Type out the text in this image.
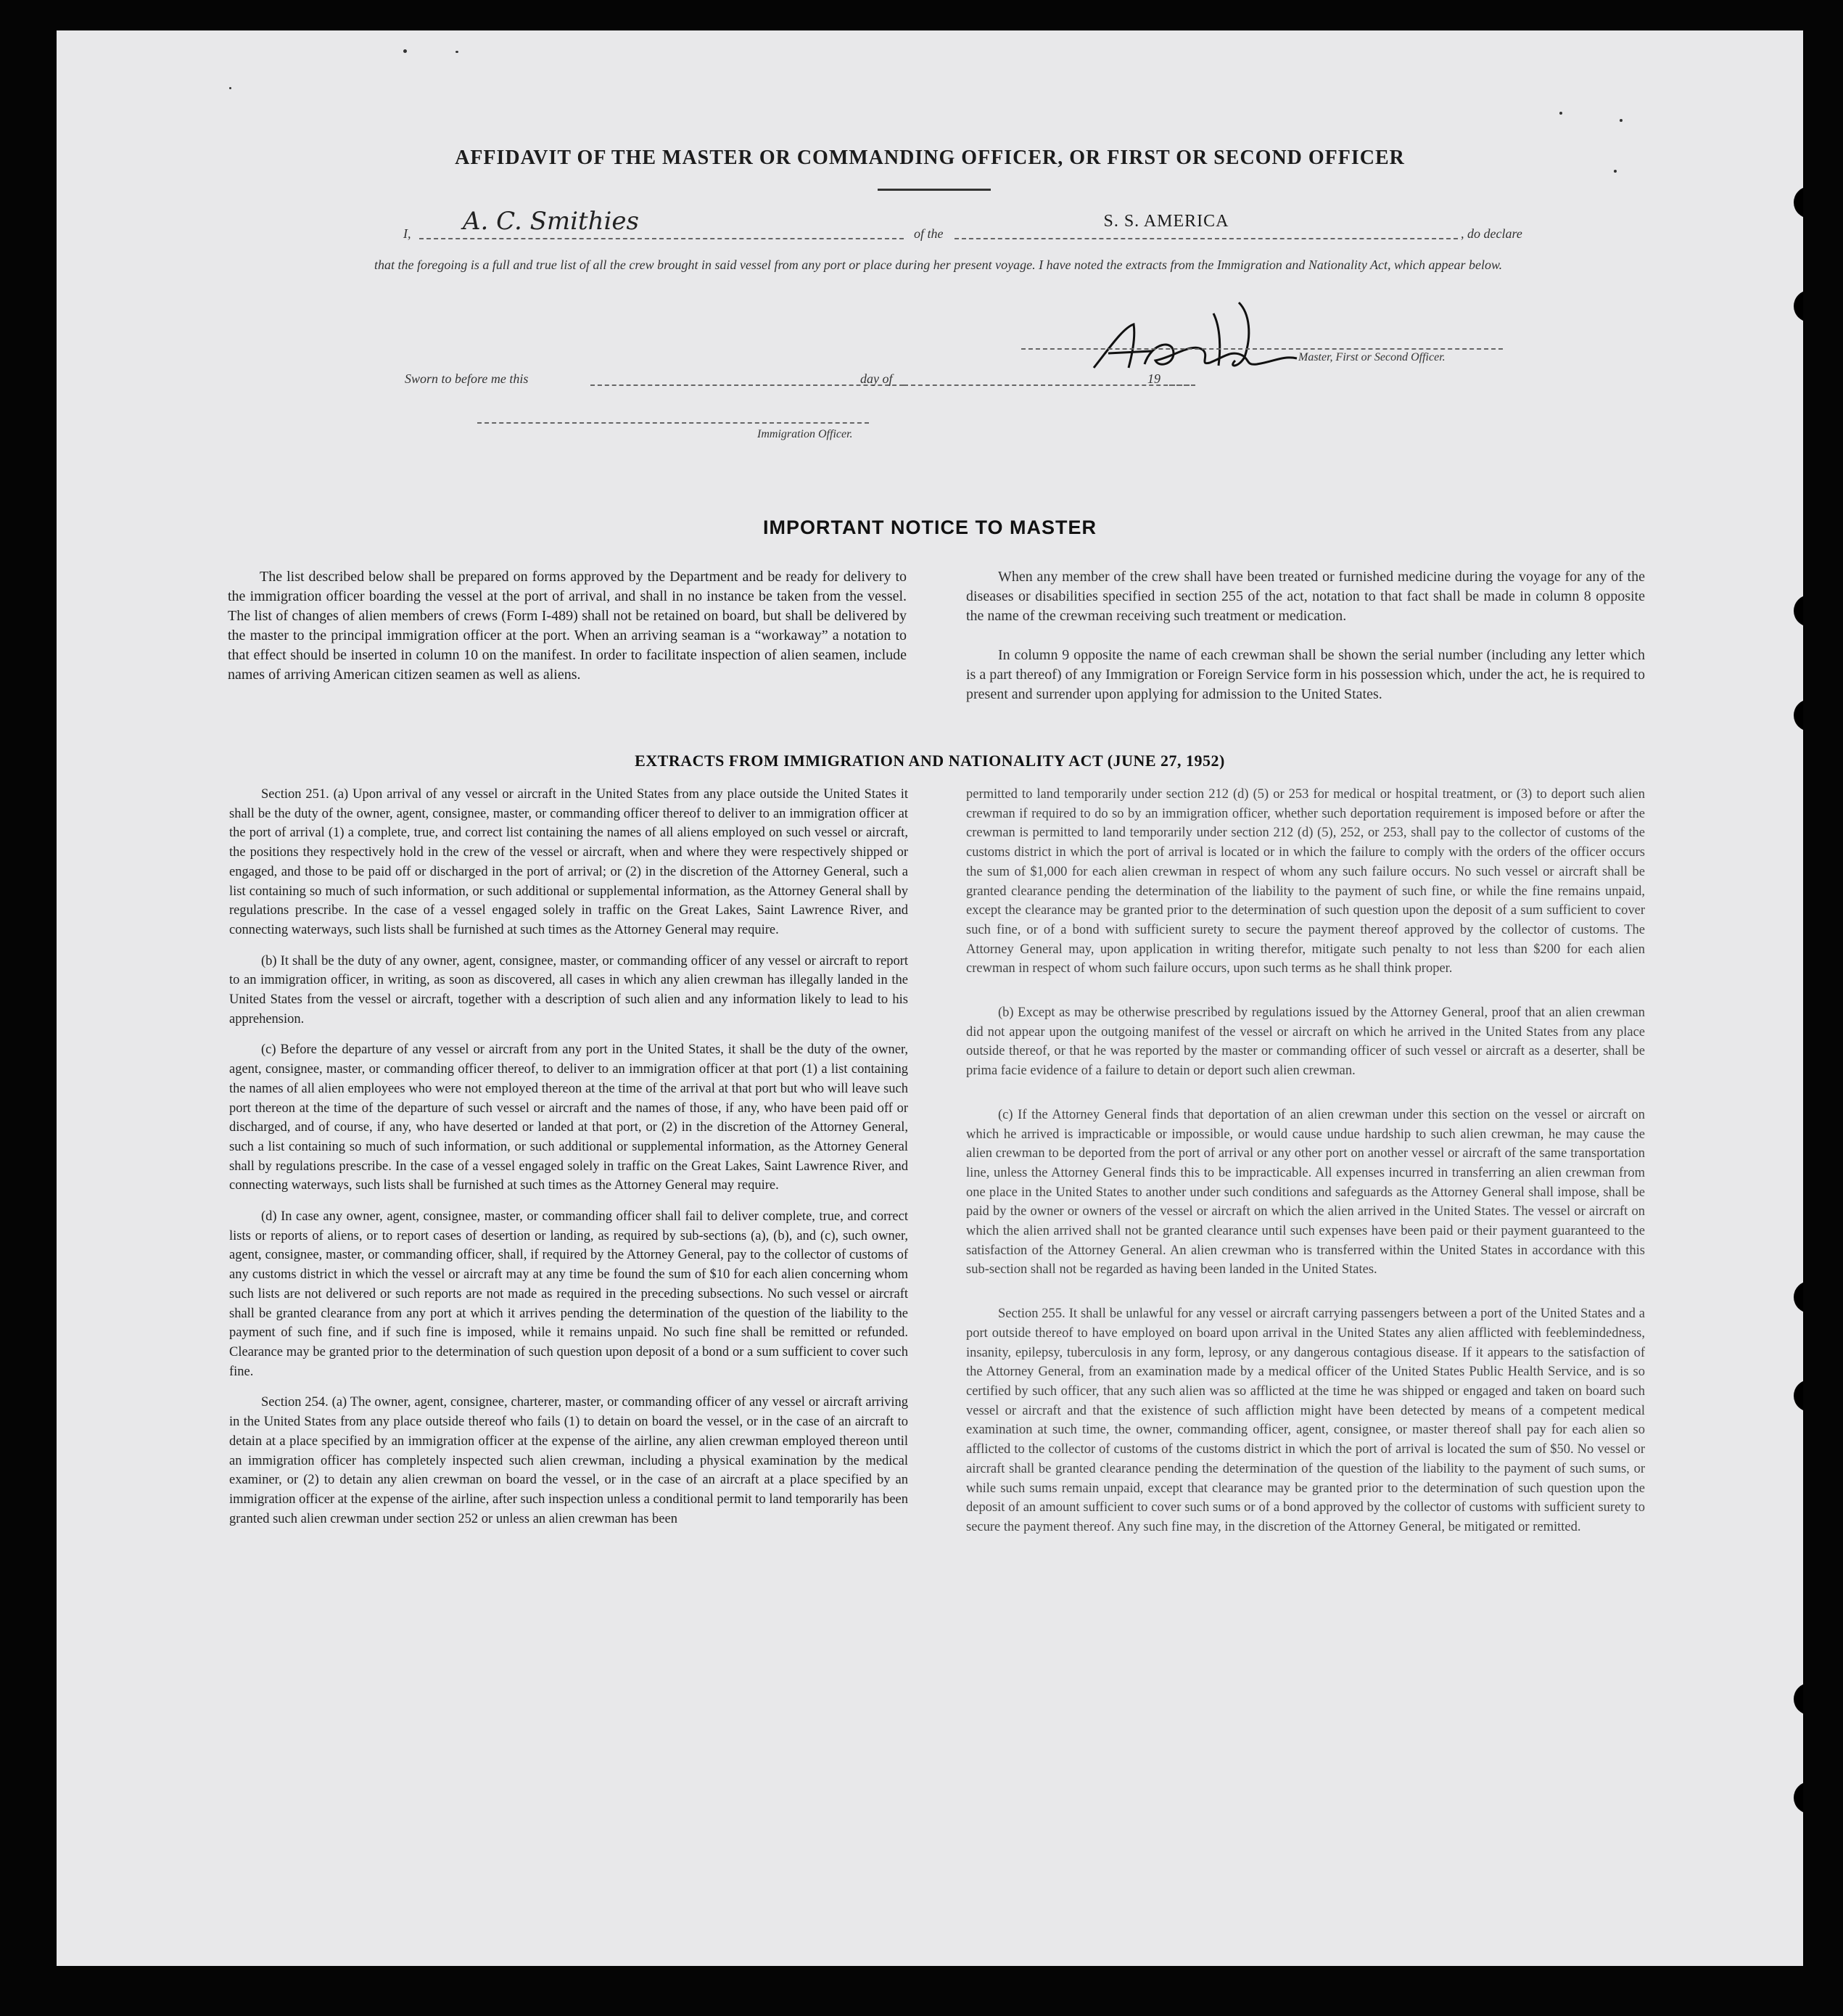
AFFIDAVIT OF THE MASTER OR COMMANDING OFFICER, OR FIRST OR SECOND OFFICER
I, A. C. Smithies	of the
S. S. AMERICA
, do declare
that the foregoing is a full and true list of all the crew brought in said vessel from any port or place during her present voyage. I have noted the extracts from the Immigration and Nationality Act, which appear below.
Master, First or Second Officer.
Sworn to before me this	day of	19
Immigration Officer.
IMPORTANT NOTICE TO MASTER

The list described below shall be prepared on forms approved by the Department and be ready for delivery to the immigration officer boarding the vessel at the port of arrival, and shall in no instance be taken from the vessel. The list of changes of alien members of crews (Form I-489) shall not be retained on board, but shall be delivered by the master to the principal immigration officer at the port. When an arriving seaman is a “workaway” a notation to that effect should be inserted in column 10 on the manifest. In order to facilitate inspection of alien seamen, include names of arriving American citizen seamen as well as aliens.

When any member of the crew shall have been treated or furnished medicine during the voyage for any of the diseases or disabilities specified in section 255 of the act, notation to that fact shall be made in column 8 opposite the name of the crewman receiving such treatment or medication.

In column 9 opposite the name of each crewman shall be shown the serial number (including any letter which is a part thereof) of any Immigration or Foreign Service form in his possession which, under the act, he is required to present and surrender upon applying for admission to the United States.

EXTRACTS FROM IMMIGRATION AND NATIONALITY ACT (JUNE 27, 1952)

Section 251. (a) Upon arrival of any vessel or aircraft in the United States from any place outside the United States it shall be the duty of the owner, agent, consignee, master, or commanding officer thereof to deliver to an immigration officer at the port of arrival (1) a complete, true, and correct list containing the names of all aliens employed on such vessel or aircraft, the positions they respectively hold in the crew of the vessel or aircraft, when and where they were respectively shipped or engaged, and those to be paid off or discharged in the port of arrival; or (2) in the discretion of the Attorney General, such a list containing so much of such information, or such additional or supplemental information, as the Attorney General shall by regulations prescribe. In the case of a vessel engaged solely in traffic on the Great Lakes, Saint Lawrence River, and connecting waterways, such lists shall be furnished at such times as the Attorney General may require.

(b) It shall be the duty of any owner, agent, consignee, master, or commanding officer of any vessel or aircraft to report to an immigration officer, in writing, as soon as discovered, all cases in which any alien crewman has illegally landed in the United States from the vessel or aircraft, together with a description of such alien and any information likely to lead to his apprehension.

(c) Before the departure of any vessel or aircraft from any port in the United States, it shall be the duty of the owner, agent, consignee, master, or commanding officer thereof, to deliver to an immigration officer at that port (1) a list containing the names of all alien employees who were not employed thereon at the time of the arrival at that port but who will leave such port thereon at the time of the departure of such vessel or aircraft and the names of those, if any, who have been paid off or discharged, and of course, if any, who have deserted or landed at that port, or (2) in the discretion of the Attorney General, such a list containing so much of such information, or such additional or supplemental information, as the Attorney General shall by regulations prescribe. In the case of a vessel engaged solely in traffic on the Great Lakes, Saint Lawrence River, and connecting waterways, such lists shall be furnished at such times as the Attorney General may require.

(d) In case any owner, agent, consignee, master, or commanding officer shall fail to deliver complete, true, and correct lists or reports of aliens, or to report cases of desertion or landing, as required by sub-sections (a), (b), and (c), such owner, agent, consignee, master, or commanding officer, shall, if required by the Attorney General, pay to the collector of customs of any customs district in which the vessel or aircraft may at any time be found the sum of $10 for each alien concerning whom such lists are not delivered or such reports are not made as required in the preceding subsections. No such vessel or aircraft shall be granted clearance from any port at which it arrives pending the determination of the question of the liability to the payment of such fine, and if such fine is imposed, while it remains unpaid. No such fine shall be remitted or refunded. Clearance may be granted prior to the determination of such question upon deposit of a bond or a sum sufficient to cover such fine.

Section 254. (a) The owner, agent, consignee, charterer, master, or commanding officer of any vessel or aircraft arriving in the United States from any place outside thereof who fails (1) to detain on board the vessel, or in the case of an aircraft to detain at a place specified by an immigration officer at the expense of the airline, any alien crewman employed thereon until an immigration officer has completely inspected such alien crewman, including a physical examination by the medical examiner, or (2) to detain any alien crewman on board the vessel, or in the case of an aircraft at a place specified by an immigration officer at the expense of the airline, after such inspection unless a conditional permit to land temporarily has been granted such alien crewman under section 252 or unless an alien crewman has been

permitted to land temporarily under section 212 (d) (5) or 253 for medical or hospital treatment, or (3) to deport such alien crewman if required to do so by an immigration officer, whether such deportation requirement is imposed before or after the crewman is permitted to land temporarily under section 212 (d) (5), 252, or 253, shall pay to the collector of customs of the customs district in which the port of arrival is located or in which the failure to comply with the orders of the officer occurs the sum of $1,000 for each alien crewman in respect of whom any such failure occurs. No such vessel or aircraft shall be granted clearance pending the determination of the liability to the payment of such fine, or while the fine remains unpaid, except the clearance may be granted prior to the determination of such question upon the deposit of a sum sufficient to cover such fine, or of a bond with sufficient surety to secure the payment thereof approved by the collector of customs. The Attorney General may, upon application in writing therefor, mitigate such penalty to not less than $200 for each alien crewman in respect of whom such failure occurs, upon such terms as he shall think proper.

(b) Except as may be otherwise prescribed by regulations issued by the Attorney General, proof that an alien crewman did not appear upon the outgoing manifest of the vessel or aircraft on which he arrived in the United States from any place outside thereof, or that he was reported by the master or commanding officer of such vessel or aircraft as a deserter, shall be prima facie evidence of a failure to detain or deport such alien crewman.

(c) If the Attorney General finds that deportation of an alien crewman under this section on the vessel or aircraft on which he arrived is impracticable or impossible, or would cause undue hardship to such alien crewman, he may cause the alien crewman to be deported from the port of arrival or any other port on another vessel or aircraft of the same transportation line, unless the Attorney General finds this to be impracticable. All expenses incurred in transferring an alien crewman from one place in the United States to another under such conditions and safeguards as the Attorney General shall impose, shall be paid by the owner or owners of the vessel or aircraft on which the alien arrived in the United States. The vessel or aircraft on which the alien arrived shall not be granted clearance until such expenses have been paid or their payment guaranteed to the satisfaction of the Attorney General. An alien crewman who is transferred within the United States in accordance with this sub-section shall not be regarded as having been landed in the United States.

Section 255. It shall be unlawful for any vessel or aircraft carrying passengers between a port of the United States and a port outside thereof to have employed on board upon arrival in the United States any alien afflicted with feeblemindedness, insanity, epilepsy, tuberculosis in any form, leprosy, or any dangerous contagious disease. If it appears to the satisfaction of the Attorney General, from an examination made by a medical officer of the United States Public Health Service, and is so certified by such officer, that any such alien was so afflicted at the time he was shipped or engaged and taken on board such vessel or aircraft and that the existence of such affliction might have been detected by means of a competent medical examination at such time, the owner, commanding officer, agent, consignee, or master thereof shall pay for each alien so afflicted to the collector of customs of the customs district in which the port of arrival is located the sum of $50. No vessel or aircraft shall be granted clearance pending the determination of the question of the liability to the payment of such sums, or while such sums remain unpaid, except that clearance may be granted prior to the determination of such question upon the deposit of an amount sufficient to cover such sums or of a bond approved by the collector of customs with sufficient surety to secure the payment thereof. Any such fine may, in the discretion of the Attorney General, be mitigated or remitted.
